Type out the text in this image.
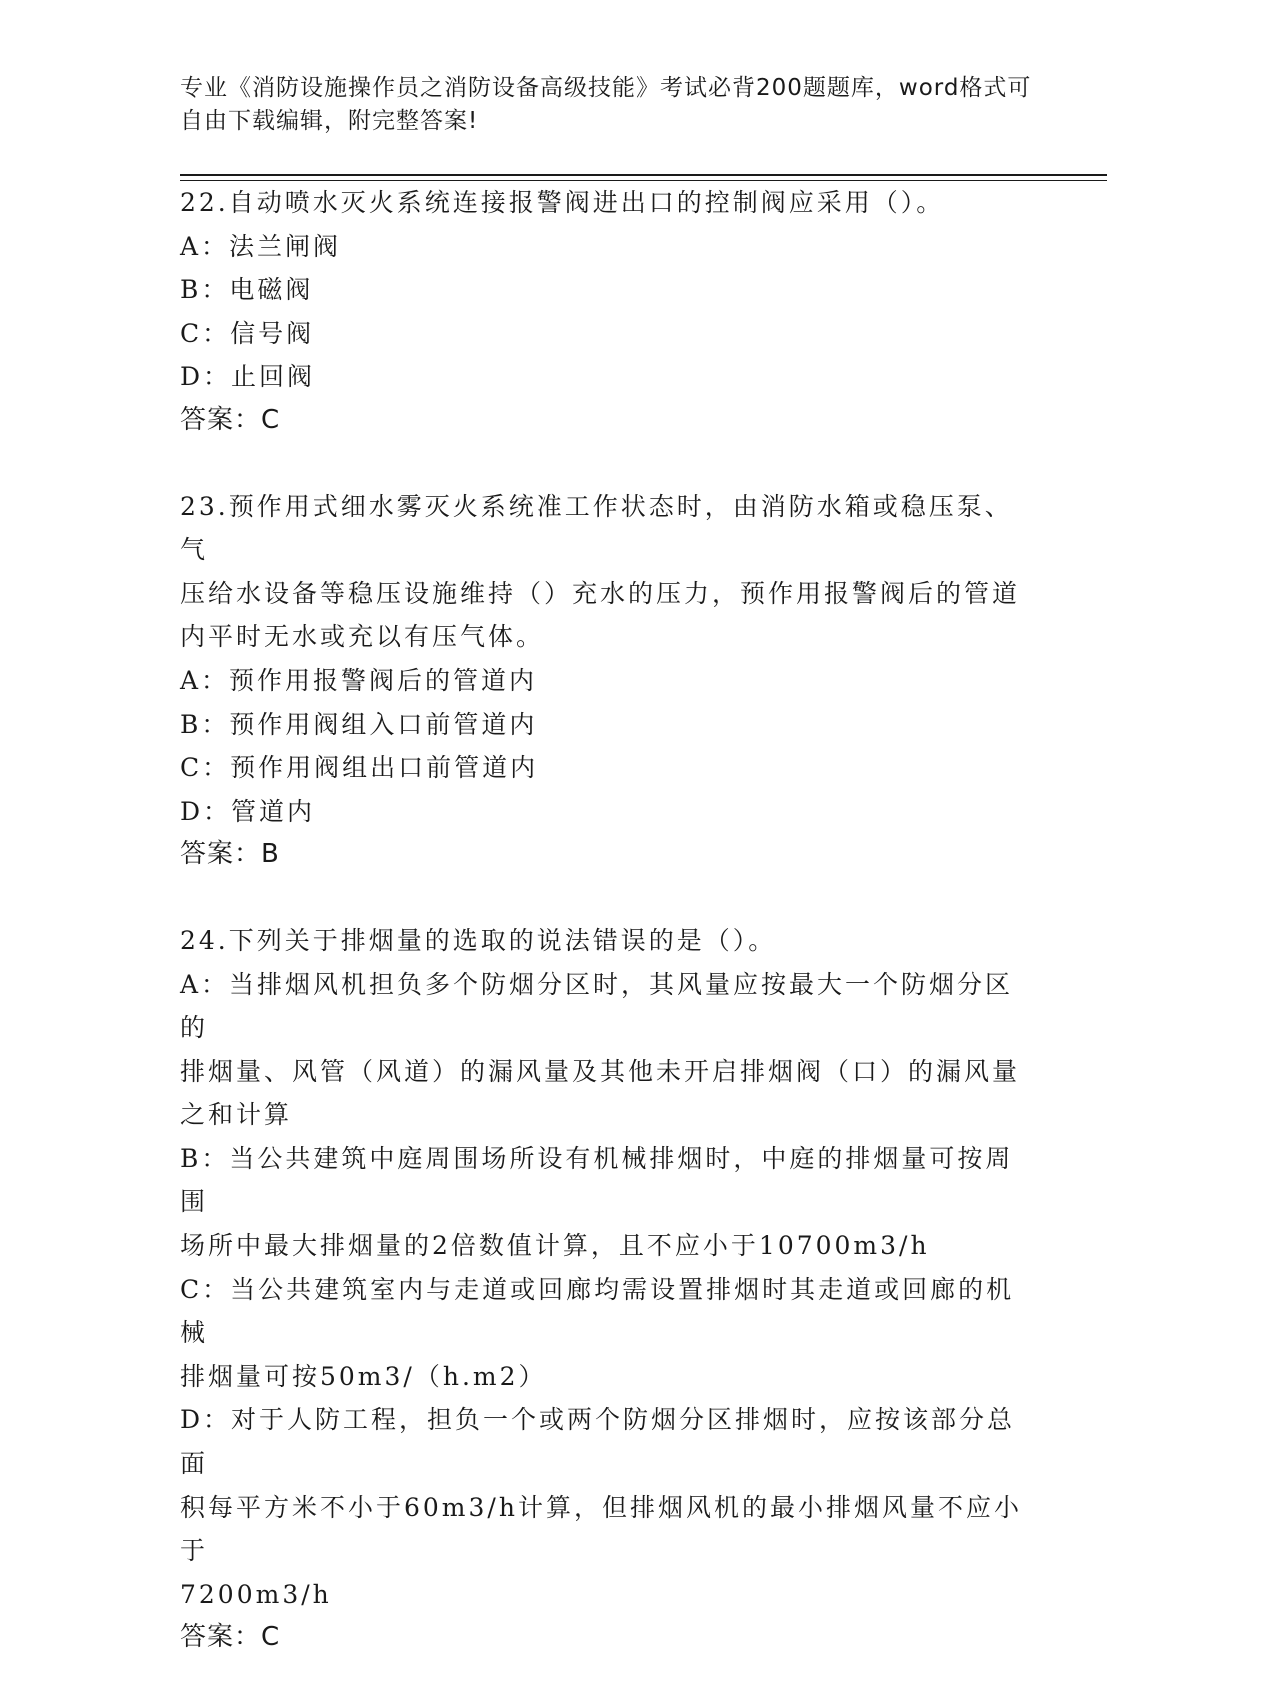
专业《消防设施操作员之消防设备高级技能》考试必背200题题库，word格式可
自由下载编辑，附完整答案!
22.自动喷水灭火系统连接报警阀进出口的控制阀应采用（）。
A：法兰闸阀
B：电磁阀
C：信号阀
D：止回阀
答案：C
23.预作用式细水雾灭火系统准工作状态时，由消防水箱或稳压泵、气
压给水设备等稳压设施维持（）充水的压力，预作用报警阀后的管道
内平时无水或充以有压气体。
A：预作用报警阀后的管道内
B：预作用阀组入口前管道内
C：预作用阀组出口前管道内
D：管道内
答案：B
24.下列关于排烟量的选取的说法错误的是（）。
A：当排烟风机担负多个防烟分区时，其风量应按最大一个防烟分区的
排烟量、风管（风道）的漏风量及其他未开启排烟阀（口）的漏风量
之和计算
B：当公共建筑中庭周围场所设有机械排烟时，中庭的排烟量可按周围
场所中最大排烟量的2倍数值计算，且不应小于10700m3/h
C：当公共建筑室内与走道或回廊均需设置排烟时其走道或回廊的机械
排烟量可按50m3/（h.m2）
D：对于人防工程，担负一个或两个防烟分区排烟时，应按该部分总面
积每平方米不小于60m3/h计算，但排烟风机的最小排烟风量不应小于
7200m3/h
答案：C
